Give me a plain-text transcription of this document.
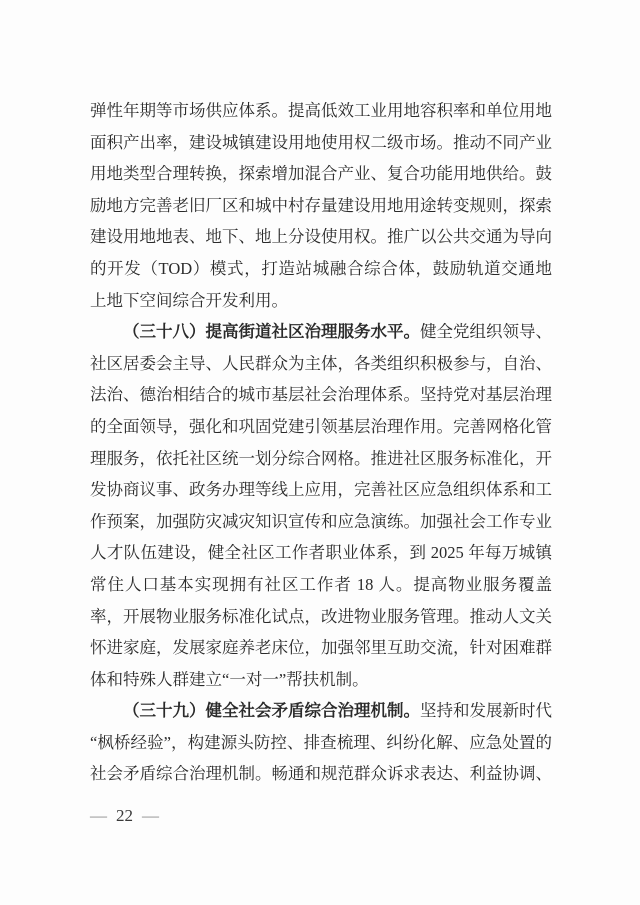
弹性年期等市场供应体系。提高低效工业用地容积率和单位用地面积产出率，建设城镇建设用地使用权二级市场。推动不同产业用地类型合理转换，探索增加混合产业、复合功能用地供给。鼓励地方完善老旧厂区和城中村存量建设用地用途转变规则，探索建设用地地表、地下、地上分设使用权。推广以公共交通为导向的开发（TOD）模式，打造站城融合综合体，鼓励轨道交通地上地下空间综合开发利用。

（三十八）提高街道社区治理服务水平。健全党组织领导、社区居委会主导、人民群众为主体，各类组织积极参与，自治、法治、德治相结合的城市基层社会治理体系。坚持党对基层治理的全面领导，强化和巩固党建引领基层治理作用。完善网格化管理服务，依托社区统一划分综合网格。推进社区服务标准化，开发协商议事、政务办理等线上应用，完善社区应急组织体系和工作预案，加强防灾减灾知识宣传和应急演练。加强社会工作专业人才队伍建设，健全社区工作者职业体系，到 2025 年每万城镇常住人口基本实现拥有社区工作者 18 人。提高物业服务覆盖率，开展物业服务标准化试点，改进物业服务管理。推动人文关怀进家庭，发展家庭养老床位，加强邻里互助交流，针对困难群体和特殊人群建立“一对一”帮扶机制。

（三十九）健全社会矛盾综合治理机制。坚持和发展新时代“枫桥经验”，构建源头防控、排查梳理、纠纷化解、应急处置的社会矛盾综合治理机制。畅通和规范群众诉求表达、利益协调、

— 22 —
